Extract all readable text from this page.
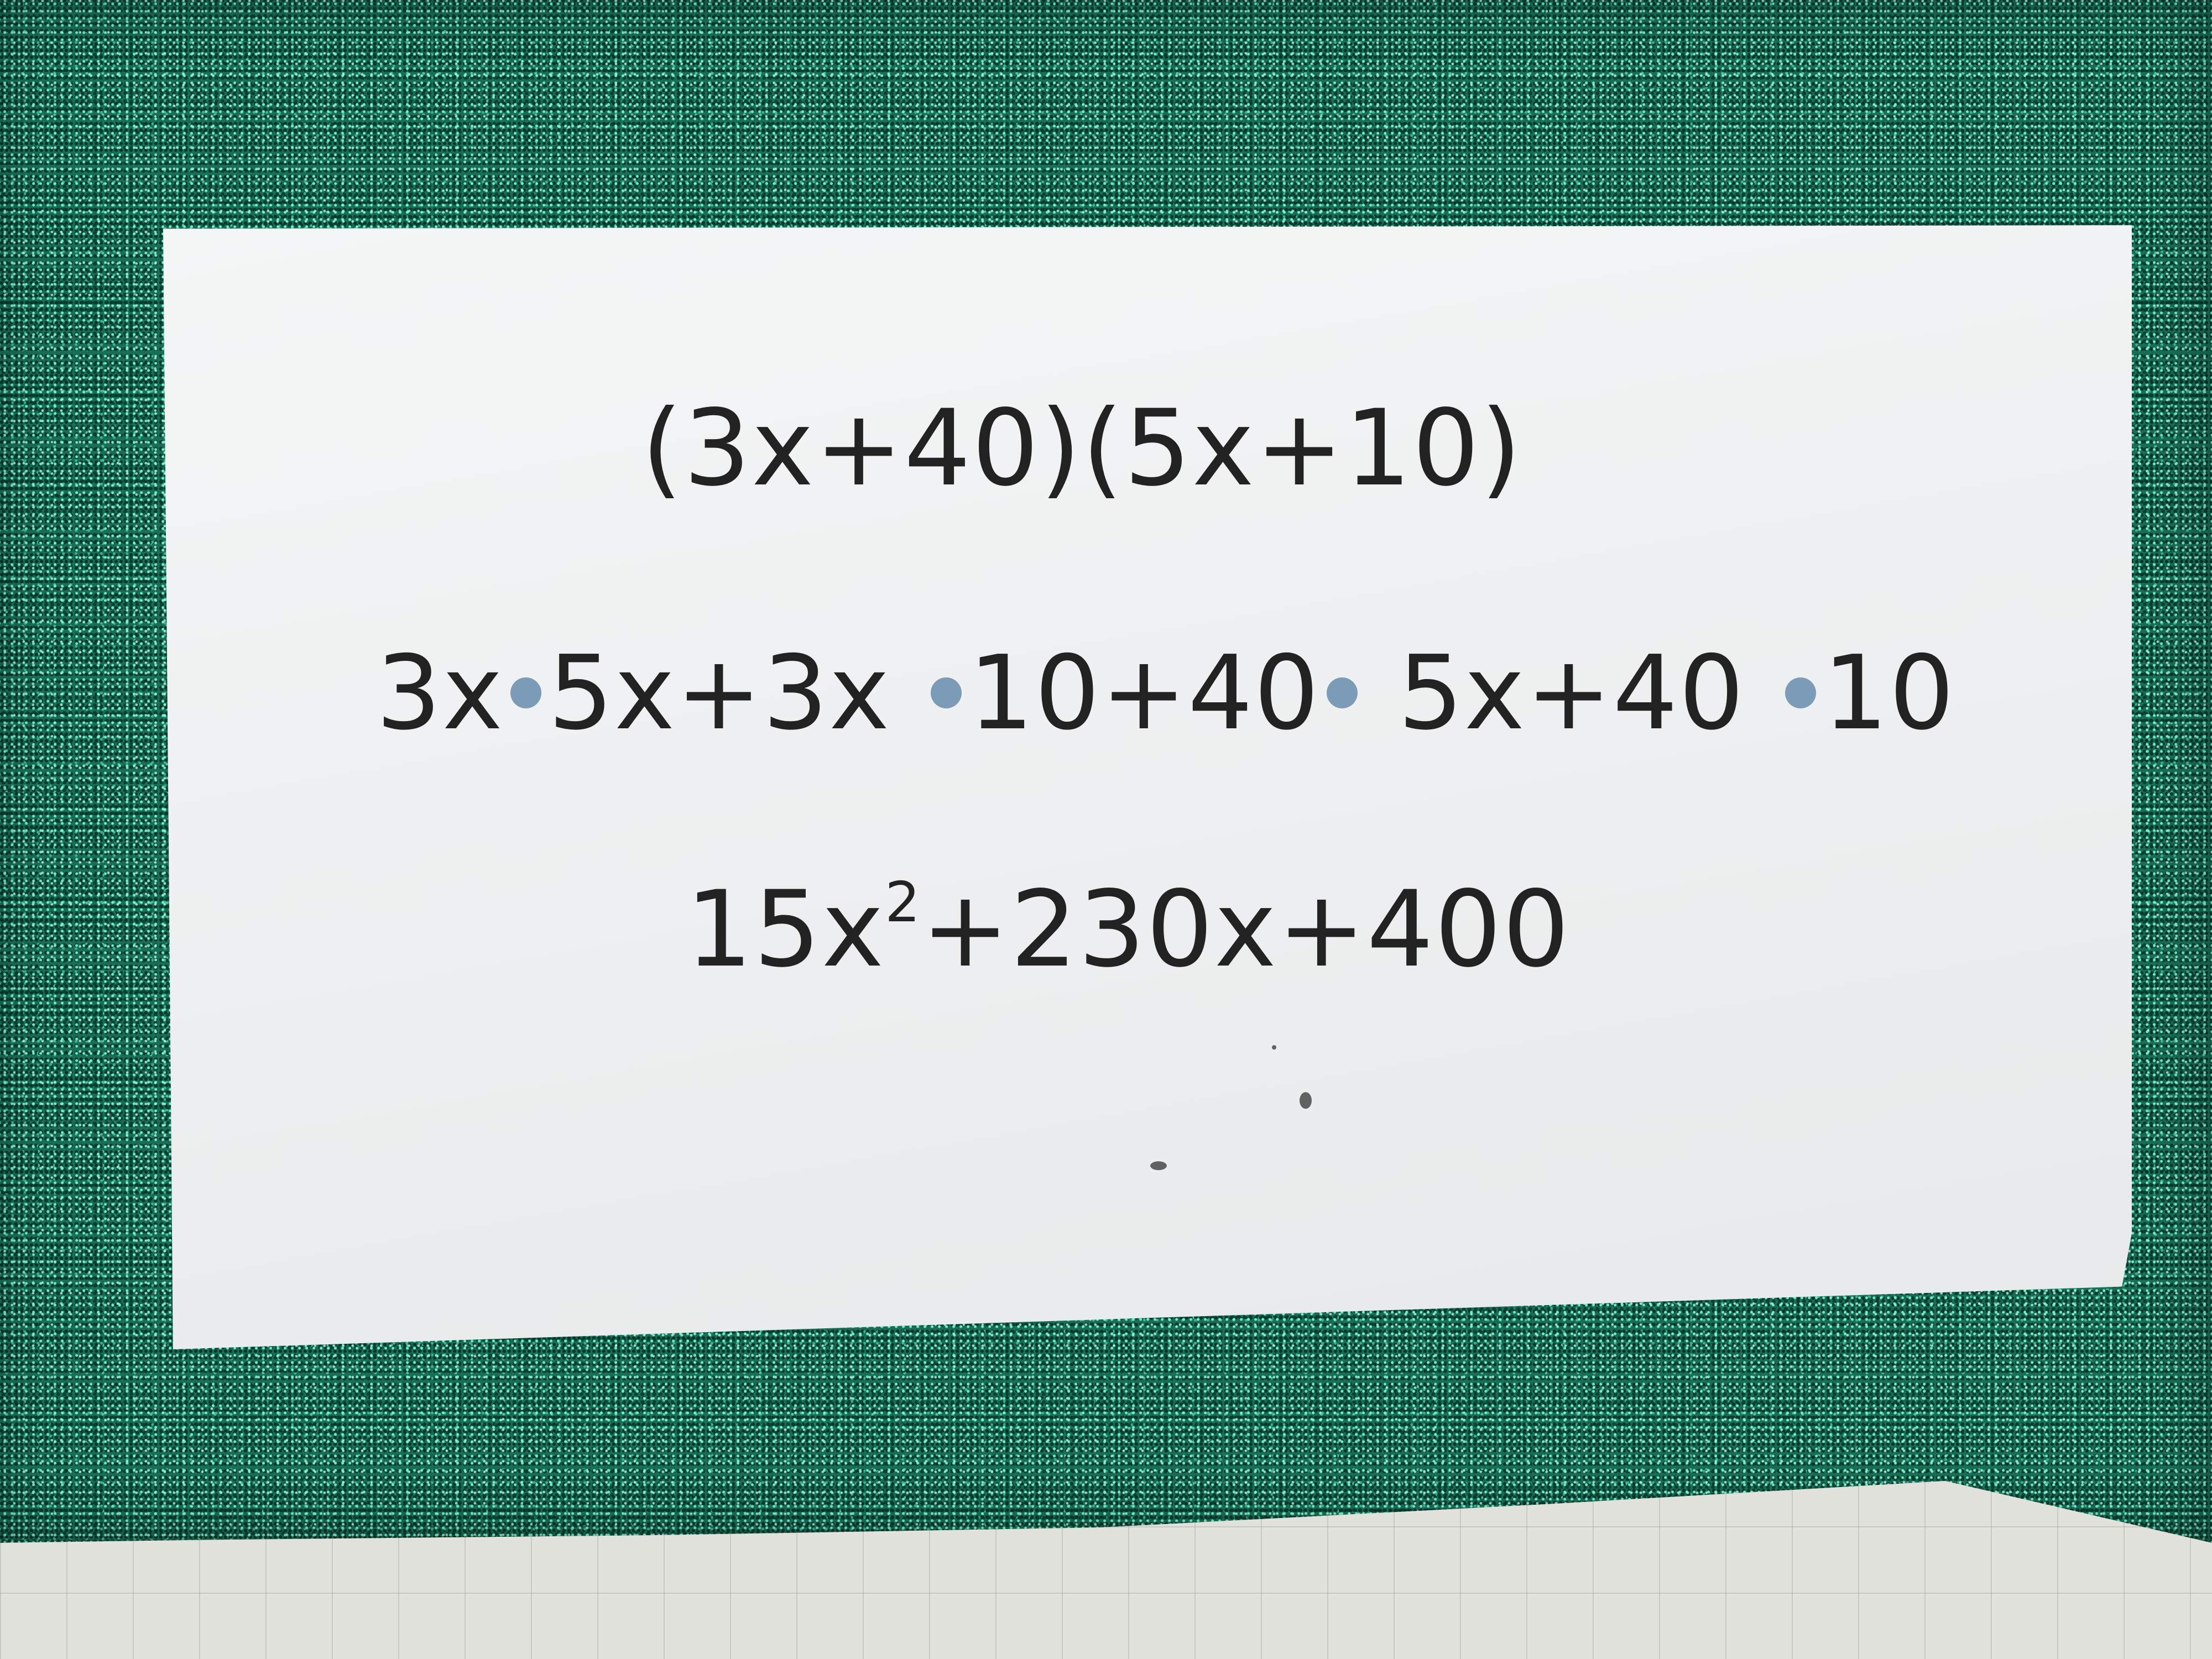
(3x+40)(5x+10)
3x 5x+3x 10+40 5x+40 10
$15x^2+230x+400$
